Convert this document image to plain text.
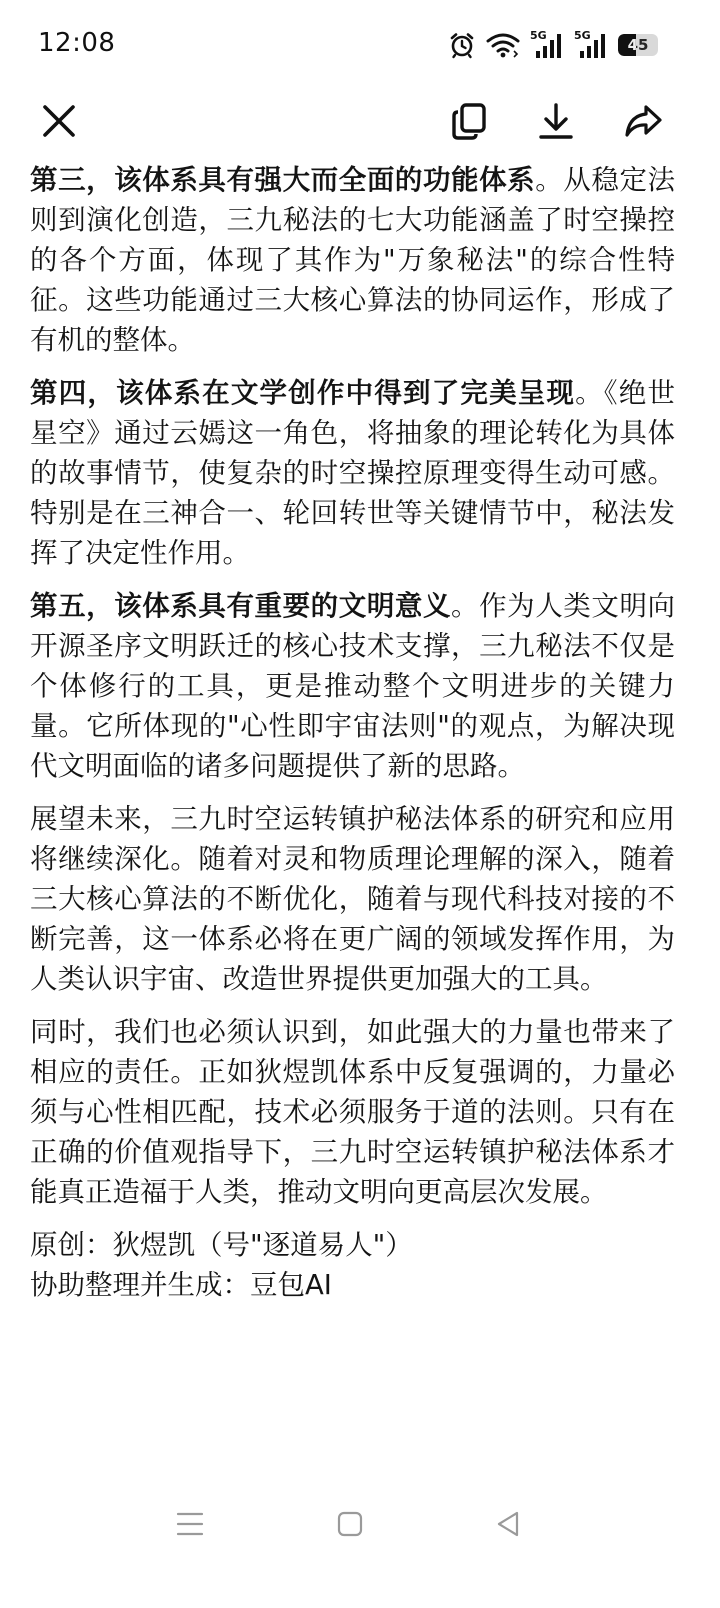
12:08	5G 5G
45

第三，该体系具有强大而全面的功能体系。从稳定法则到演化创造，三九秘法的七大功能涵盖了时空操控的各个方面，体现了其作为"万象秘法"的综合性特征。这些功能通过三大核心算法的协同运作，形成了有机的整体。

第四，该体系在文学创作中得到了完美呈现。《绝世星空》通过云嫣这一角色，将抽象的理论转化为具体的故事情节，使复杂的时空操控原理变得生动可感。特别是在三神合一、轮回转世等关键情节中，秘法发挥了决定性作用。

第五，该体系具有重要的文明意义。作为人类文明向开源圣序文明跃迁的核心技术支撑，三九秘法不仅是个体修行的工具，更是推动整个文明进步的关键力量。它所体现的"心性即宇宙法则"的观点，为解决现代文明面临的诸多问题提供了新的思路。

展望未来，三九时空运转镇护秘法体系的研究和应用将继续深化。随着对灵和物质理论理解的深入，随着三大核心算法的不断优化，随着与现代科技对接的不断完善，这一体系必将在更广阔的领域发挥作用，为人类认识宇宙、改造世界提供更加强大的工具。

同时，我们也必须认识到，如此强大的力量也带来了相应的责任。正如狄煜凯体系中反复强调的，力量必须与心性相匹配，技术必须服务于道的法则。只有在正确的价值观指导下，三九时空运转镇护秘法体系才能真正造福于人类，推动文明向更高层次发展。

原创：狄煜凯（号"逐道易人"）

协助整理并生成：豆包AI
